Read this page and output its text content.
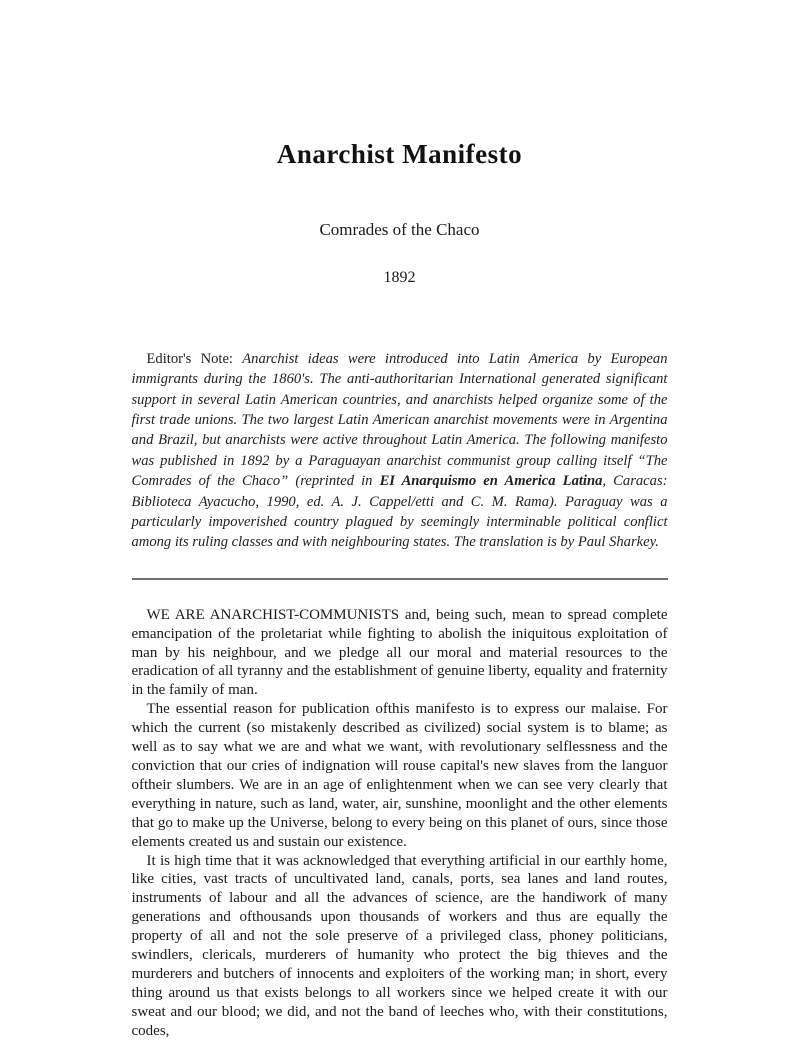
Anarchist Manifesto
Comrades of the Chaco
1892

Editor's Note: Anarchist ideas were introduced into Latin America by European immigrants during the 1860's. The anti-authoritarian International generated significant support in several Latin American countries, and anarchists helped organize some of the first trade unions. The two largest Latin American anarchist movements were in Argentina and Brazil, but anarchists were active throughout Latin America. The following manifesto was published in 1892 by a Paraguayan anarchist communist group calling itself “The Comrades of the Chaco” (reprinted in EI Anarquismo en America Latina, Caracas: Biblioteca Ayacucho, 1990, ed. A. J. Cappel/etti and C. M. Rama). Paraguay was a particularly impoverished country plagued by seemingly interminable political conflict among its ruling classes and with neighbouring states. The translation is by Paul Sharkey.

WE ARE ANARCHIST-COMMUNISTS and, being such, mean to spread complete emancipation of the proletariat while fighting to abolish the iniquitous exploitation of man by his neighbour, and we pledge all our moral and material resources to the eradication of all tyranny and the establishment of genuine liberty, equality and fraternity in the family of man.

The essential reason for publication ofthis manifesto is to express our malaise. For which the current (so mistakenly described as civilized) social system is to blame; as well as to say what we are and what we want, with revolutionary selflessness and the conviction that our cries of indignation will rouse capital's new slaves from the languor oftheir slumbers. We are in an age of enlightenment when we can see very clearly that everything in nature, such as land, water, air, sunshine, moonlight and the other elements that go to make up the Universe, belong to every being on this planet of ours, since those elements created us and sustain our existence.

It is high time that it was acknowledged that everything artificial in our earthly home, like cities, vast tracts of uncultivated land, canals, ports, sea lanes and land routes, instruments of labour and all the advances of science, are the handiwork of many generations and ofthousands upon thousands of workers and thus are equally the property of all and not the sole preserve of a privileged class, phoney politicians, swindlers, clericals, murderers of humanity who protect the big thieves and the murderers and butchers of innocents and exploiters of the working man; in short, every thing around us that exists belongs to all workers since we helped create it with our sweat and our blood; we did, and not the band of leeches who, with their constitutions, codes,
